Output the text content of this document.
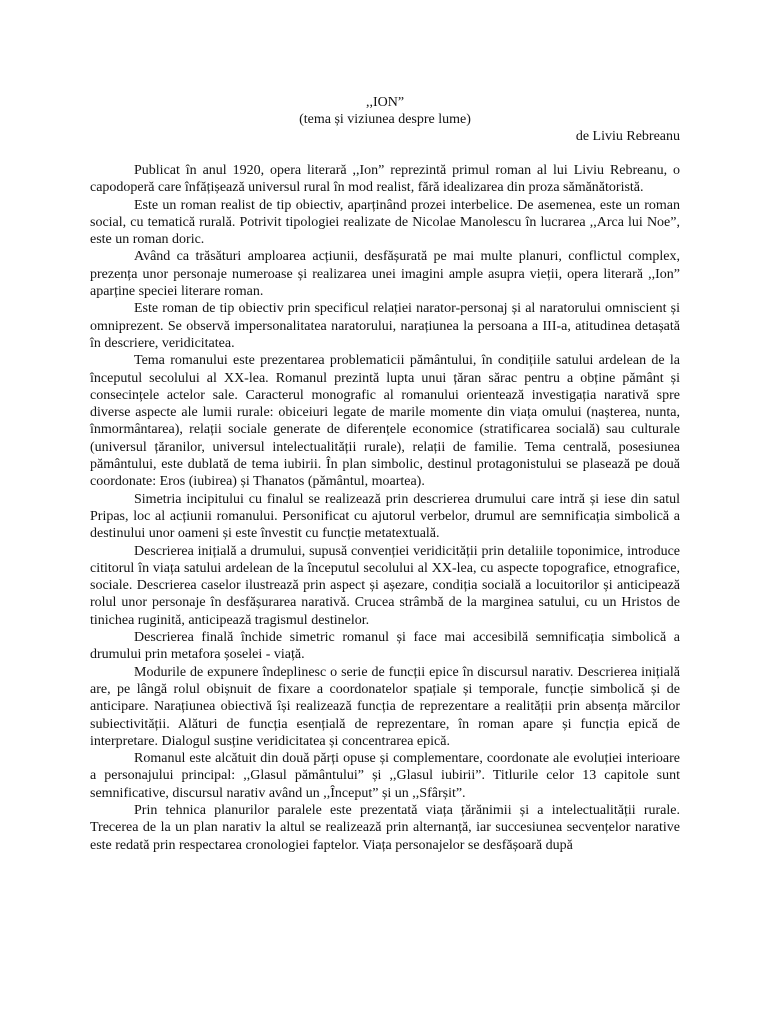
,,ION”

(tema și viziunea despre lume)

de Liviu Rebreanu

Publicat în anul 1920, opera literară ,,Ion” reprezintă primul roman al lui Liviu Rebreanu, o capodoperă care înfățișează universul rural în mod realist, fără idealizarea din proza sămănătoristă.

Este un roman realist de tip obiectiv, aparținând prozei interbelice. De asemenea, este un roman social, cu tematică rurală. Potrivit tipologiei realizate de Nicolae Manolescu în lucrarea ,,Arca lui Noe”, este un roman doric.

Având ca trăsături amploarea acțiunii, desfășurată pe mai multe planuri, conflictul complex, prezența unor personaje numeroase și realizarea unei imagini ample asupra vieții, opera literară ,,Ion” aparține speciei literare roman.

Este roman de tip obiectiv prin specificul relației narator-personaj și al naratorului omniscient și omniprezent. Se observă impersonalitatea naratorului, narațiunea la persoana a III-a, atitudinea detașată în descriere, veridicitatea.

Tema romanului este prezentarea problematicii pământului, în condițiile satului ardelean de la începutul secolului al XX-lea. Romanul prezintă lupta unui țăran sărac pentru a obține pământ și consecințele actelor sale. Caracterul monografic al romanului orientează investigația narativă spre diverse aspecte ale lumii rurale: obiceiuri legate de marile momente din viața omului (nașterea, nunta, înmormântarea), relații sociale generate de diferențele economice (stratificarea socială) sau culturale (universul țăranilor, universul intelectualității rurale), relații de familie. Tema centrală, posesiunea pământului, este dublată de tema iubirii. În plan simbolic, destinul protagonistului se plasează pe două coordonate: Eros (iubirea) și Thanatos (pământul, moartea).

Simetria incipitului cu finalul se realizează prin descrierea drumului care intră și iese din satul Pripas, loc al acțiunii romanului. Personificat cu ajutorul verbelor, drumul are semnificația simbolică a destinului unor oameni și este învestit cu funcție metatextuală.

Descrierea inițială a drumului, supusă convenției veridicității prin detaliile toponimice, introduce cititorul în viața satului ardelean de la începutul secolului al XX-lea, cu aspecte topografice, etnografice, sociale. Descrierea caselor ilustrează prin aspect și așezare, condiția socială a locuitorilor și anticipează rolul unor personaje în desfășurarea narativă. Crucea strâmbă de la marginea satului, cu un Hristos de tinichea ruginită, anticipează tragismul destinelor.

Descrierea finală închide simetric romanul și face mai accesibilă semnificația simbolică a drumului prin metafora șoselei - viață.

Modurile de expunere îndeplinesc o serie de funcții epice în discursul narativ. Descrierea inițială are, pe lângă rolul obișnuit de fixare a coordonatelor spațiale și temporale, funcție simbolică și de anticipare. Narațiunea obiectivă își realizează funcția de reprezentare a realității prin absența mărcilor subiectivității. Alături de funcția esențială de reprezentare, în roman apare și funcția epică de interpretare. Dialogul susține veridicitatea și concentrarea epică.

Romanul este alcătuit din două părți opuse și complementare, coordonate ale evoluției interioare a personajului principal: ,,Glasul pământului” și ,,Glasul iubirii”. Titlurile celor 13 capitole sunt semnificative, discursul narativ având un ,,Început” și un ,,Sfârșit”.

Prin tehnica planurilor paralele este prezentată viața țărănimii și a intelectualității rurale. Trecerea de la un plan narativ la altul se realizează prin alternanță, iar succesiunea secvențelor narative este redată prin respectarea cronologiei faptelor. Viața personajelor se desfășoară după
